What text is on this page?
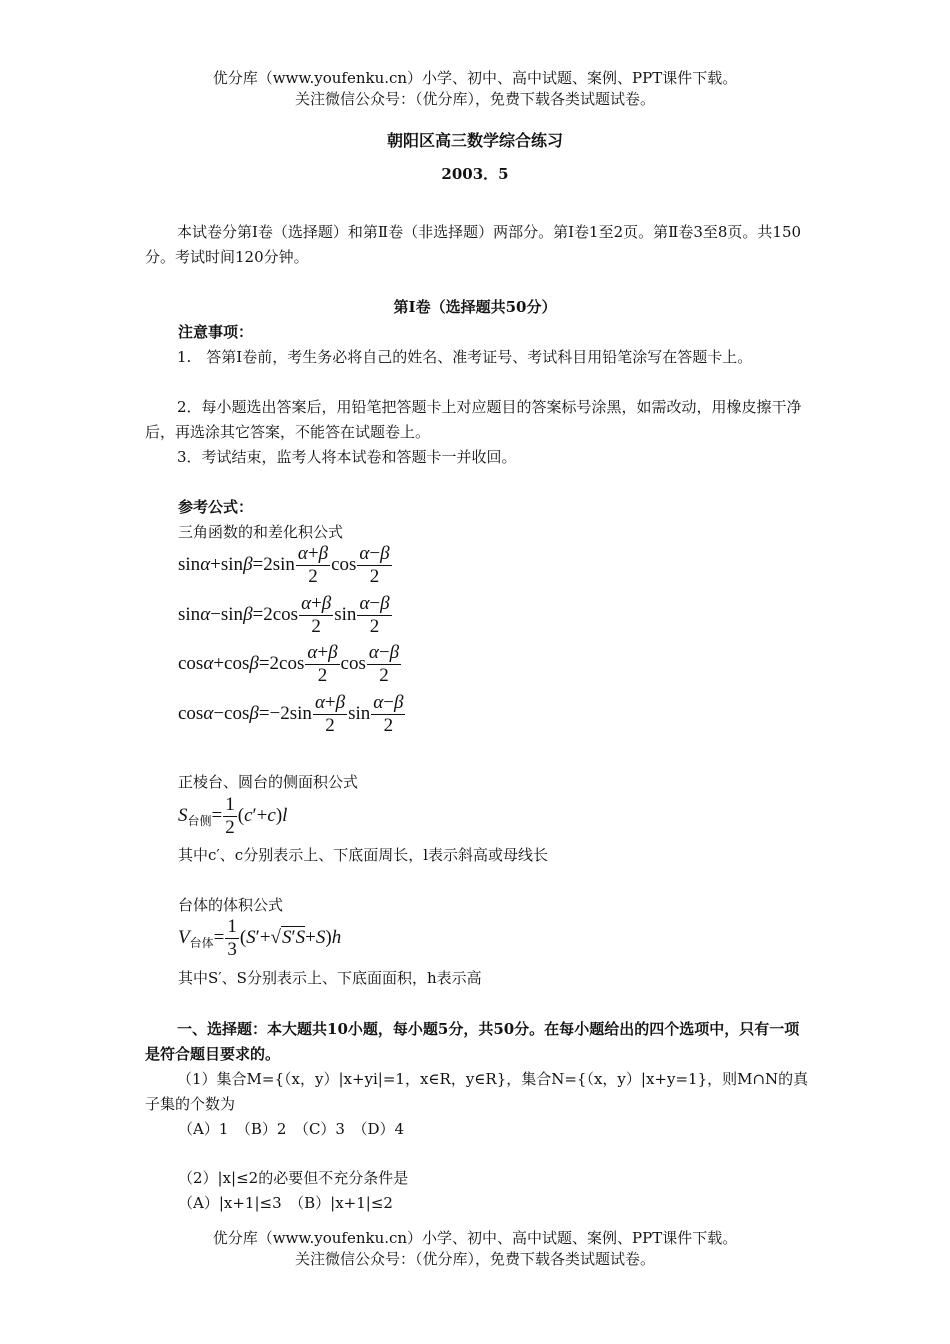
优分库（www.youfenku.cn）小学、初中、高中试题、案例、PPT课件下载。
关注微信公众号：（优分库），免费下载各类试题试卷。
朝阳区高三数学综合练习
2003．5
本试卷分第Ⅰ卷（选择题）和第Ⅱ卷（非选择题）两部分。第Ⅰ卷1至2页。第Ⅱ卷3至8页。共150分。考试时间120分钟。
第Ⅰ卷（选择题共50分）
注意事项：
1.　答第Ⅰ卷前，考生务必将自己的姓名、准考证号、考试科目用铅笔涂写在答题卡上。
2．每小题选出答案后，用铅笔把答题卡上对应题目的答案标号涂黑，如需改动，用橡皮擦干净后，再选涂其它答案，不能答在试题卷上。
3．考试结束，监考人将本试卷和答题卡一并收回。
参考公式：
三角函数的和差化积公式
$\sin\alpha+\sin\beta=2\sin \frac{\alpha+\beta}{2}$ $\cos \frac{\alpha-\beta}{2}$
$\sin\alpha-\sin\beta=2\cos \frac{\alpha+\beta}{2}$ $\sin \frac{\alpha-\beta}{2}$
$\cos\alpha+\cos\beta=2\cos \frac{\alpha+\beta}{2}$ $\cos \frac{\alpha-\beta}{2}$
$\cos\alpha-\cos\beta=-2\sin \frac{\alpha+\beta}{2}$ $\sin \frac{\alpha-\beta}{2}$
正棱台、圆台的侧面积公式
$S_{台侧}= \frac{1}{2} (c'+c)l$
其中c′、c分别表示上、下底面周长，l表示斜高或母线长
台体的体积公式
$V_{台体}= \frac{1}{3} (S'+√S'S+S)h$
其中S′、S分别表示上、下底面面积，h表示高
一、选择题：本大题共10小题，每小题5分，共50分。在每小题给出的四个选项中，只有一项是符合题目要求的。
（1）集合M={（x，y）|x+yi|=1，x∈R，y∈R}，集合N={（x，y）|x+y=1}，则M∩N的真子集的个数为
（A）1　（B）2　（C）3　（D）4
（2）|x|≤2的必要但不充分条件是
（A）|x+1|≤3　（B）|x+1|≤2
优分库（www.youfenku.cn）小学、初中、高中试题、案例、PPT课件下载。
关注微信公众号：（优分库），免费下载各类试题试卷。
